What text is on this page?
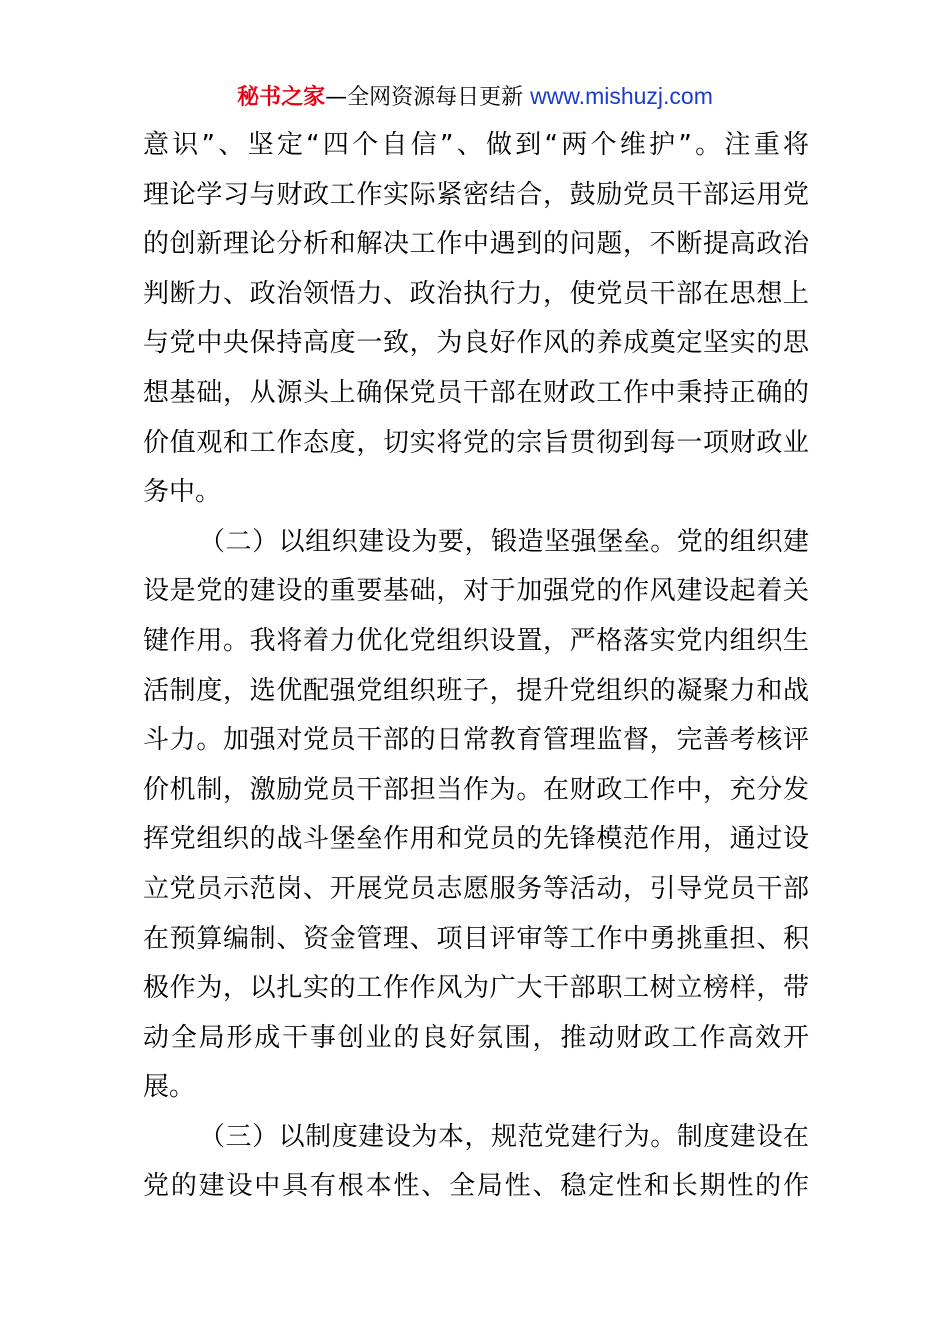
秘书之家—全网资源每日更新 www.mishuzj.com
意识”、坚定“四个自信”、做到“两个维护”。注重将
理论学习与财政工作实际紧密结合，鼓励党员干部运用党
的创新理论分析和解决工作中遇到的问题，不断提高政治
判断力、政治领悟力、政治执行力，使党员干部在思想上
与党中央保持高度一致，为良好作风的养成奠定坚实的思
想基础，从源头上确保党员干部在财政工作中秉持正确的
价值观和工作态度，切实将党的宗旨贯彻到每一项财政业
务中。
（二）以组织建设为要，锻造坚强堡垒。党的组织建
设是党的建设的重要基础，对于加强党的作风建设起着关
键作用。我将着力优化党组织设置，严格落实党内组织生
活制度，选优配强党组织班子，提升党组织的凝聚力和战
斗力。加强对党员干部的日常教育管理监督，完善考核评
价机制，激励党员干部担当作为。在财政工作中，充分发
挥党组织的战斗堡垒作用和党员的先锋模范作用，通过设
立党员示范岗、开展党员志愿服务等活动，引导党员干部
在预算编制、资金管理、项目评审等工作中勇挑重担、积
极作为，以扎实的工作作风为广大干部职工树立榜样，带
动全局形成干事创业的良好氛围，推动财政工作高效开
展。
（三）以制度建设为本，规范党建行为。制度建设在
党的建设中具有根本性、全局性、稳定性和长期性的作
